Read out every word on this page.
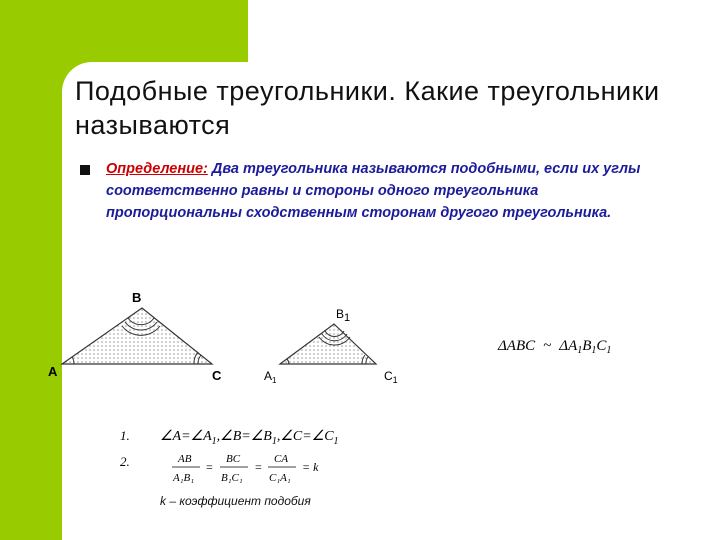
Подобные треугольники. Какие треугольники называются

Определение: Два треугольника называются подобными, если их углы соответственно равны и стороны одного треугольника пропорциональны сходственным сторонам другого треугольника.

B
A	C
B1
$A_1$	$C_1$
ΔABC ~ $\Delta A_1B_1C_1$
1. $\angle A=\angle A_1,\angle B=\angle B_1,\angle C=\angle C_1$
2.	AB
A₁B₁
=
BC
B₁C₁
=
CA
C₁A₁
= k
k – коэффициент подобия
